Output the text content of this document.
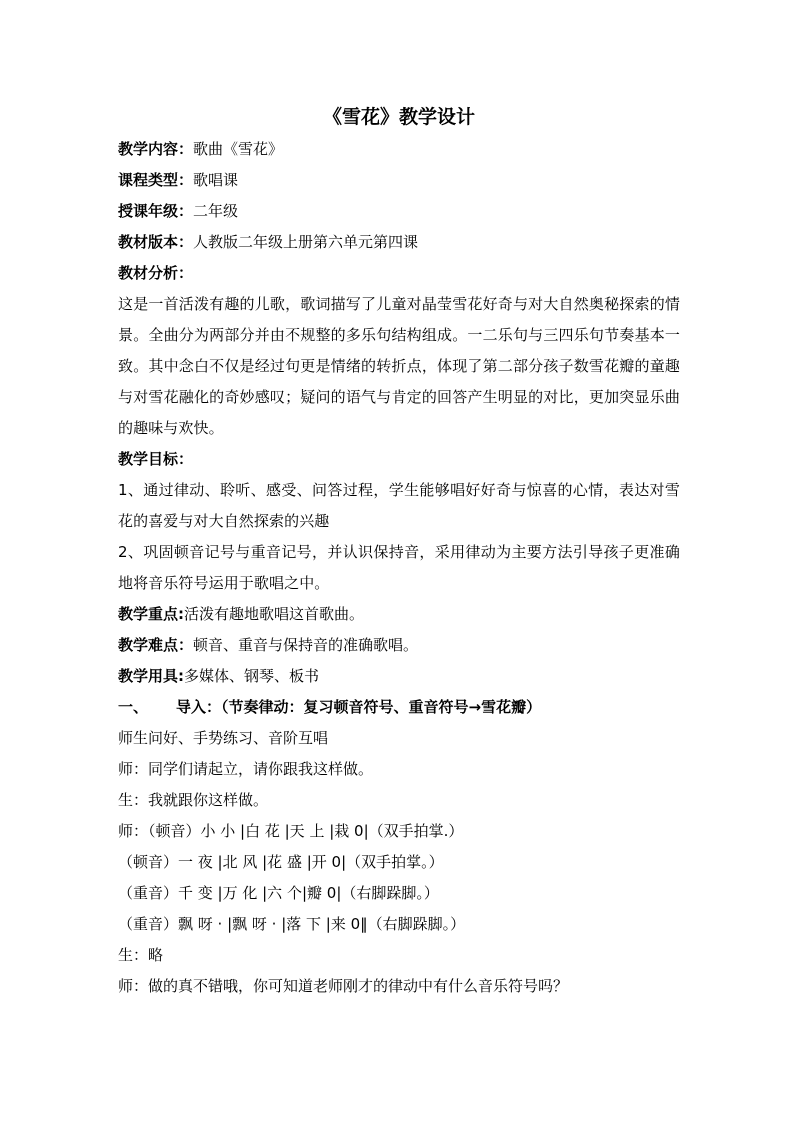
《雪花》教学设计
教学内容：歌曲《雪花》
课程类型：歌唱课
授课年级：二年级
教材版本：人教版二年级上册第六单元第四课
教材分析：
这是一首活泼有趣的儿歌，歌词描写了儿童对晶莹雪花好奇与对大自然奥秘探索的情景。全曲分为两部分并由不规整的多乐句结构组成。一二乐句与三四乐句节奏基本一致。其中念白不仅是经过句更是情绪的转折点，体现了第二部分孩子数雪花瓣的童趣与对雪花融化的奇妙感叹；疑问的语气与肯定的回答产生明显的对比，更加突显乐曲的趣味与欢快。
教学目标：
1、通过律动、聆听、感受、问答过程，学生能够唱好好奇与惊喜的心情，表达对雪花的喜爱与对大自然探索的兴趣
2、巩固顿音记号与重音记号，并认识保持音，采用律动为主要方法引导孩子更准确地将音乐符号运用于歌唱之中。
教学重点:活泼有趣地歌唱这首歌曲。
教学难点：顿音、重音与保持音的准确歌唱。
教学用具:多媒体、钢琴、板书
一、 导入：（节奏律动：复习顿音符号、重音符号→雪花瓣）
师生问好、手势练习、音阶互唱
师：同学们请起立，请你跟我这样做。
生：我就跟你这样做。
师：（顿音）小 小 |白 花 |天 上 |栽 0|（双手拍掌.）
（顿音）一 夜 |北 风 |花 盛 |开 0|（双手拍掌。）
（重音）千 变 |万 化 |六 个|瓣 0|（右脚跺脚。）
（重音）飘 呀 · |飘 呀 · |落 下 |来 0‖（右脚跺脚。）
生：略
师：做的真不错哦，你可知道老师刚才的律动中有什么音乐符号吗？
